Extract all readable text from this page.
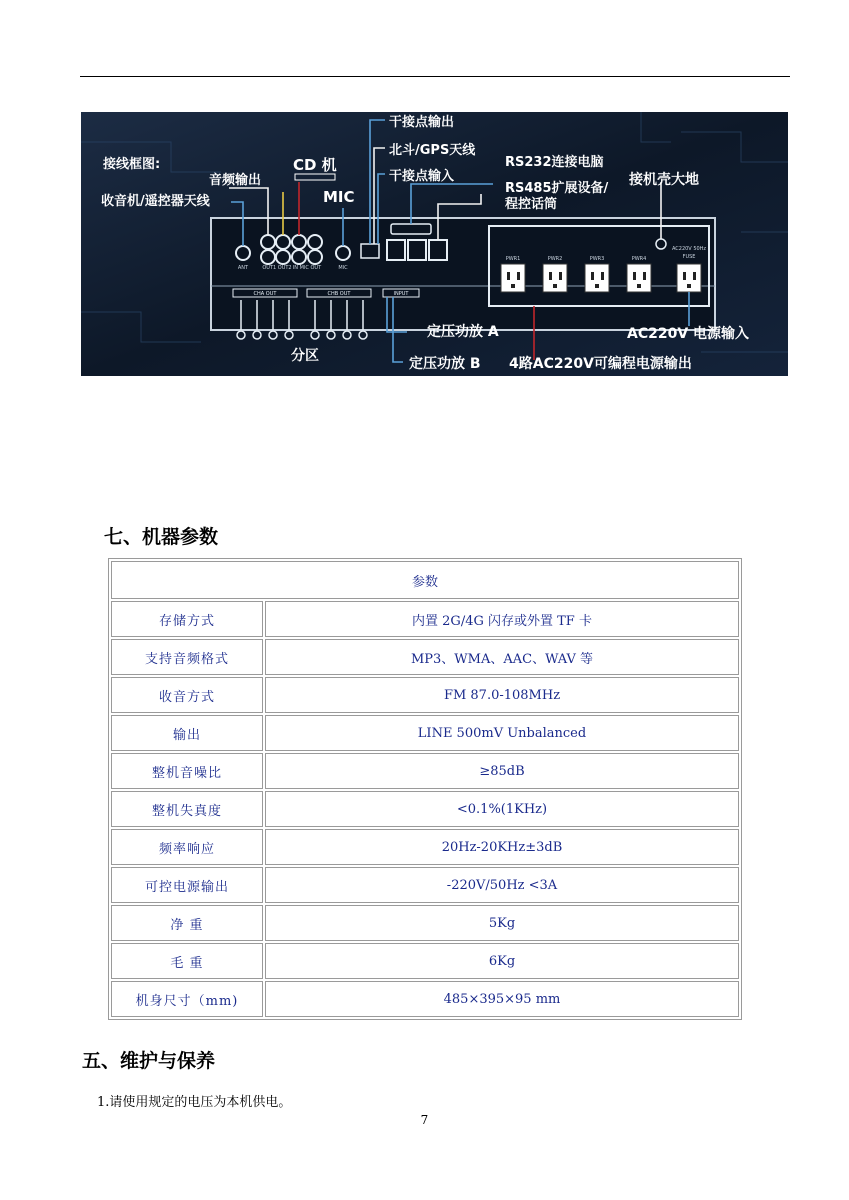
ANT	OUT1 OUT2 IN MIC OUT	MIC
PWR1	PWR2	PWR3	PWR4
AC220V 50Hz
FUSE
CHA OUT	CHB OUT	INPUT
接线框图:
收音机/遥控器天线
音频输出
CD 机
MIC
干接点输出
北斗/GPS天线
干接点输入
RS232连接电脑
RS485扩展设备/
程控话筒
接机壳大地
分区
定压功放 A
定压功放 B 4路AC220V可编程电源输出
AC220V 电源输入
七、机器参数
参数	
存储方式	内置 2G/4G 闪存或外置 TF 卡
支持音频格式	MP3、WMA、AAC、WAV 等
收音方式	FM 87.0-108MHz
输出	LINE 500mV Unbalanced
整机音噪比	≥85dB
整机失真度	<0.1%(1KHz)
频率响应	20Hz-20KHz±3dB
可控电源输出	-220V/50Hz <3A
净 重	5Kg
毛 重	6Kg
机身尺寸（mm)	485×395×95 mm
五、维护与保养
1.请使用规定的电压为本机供电。
7
